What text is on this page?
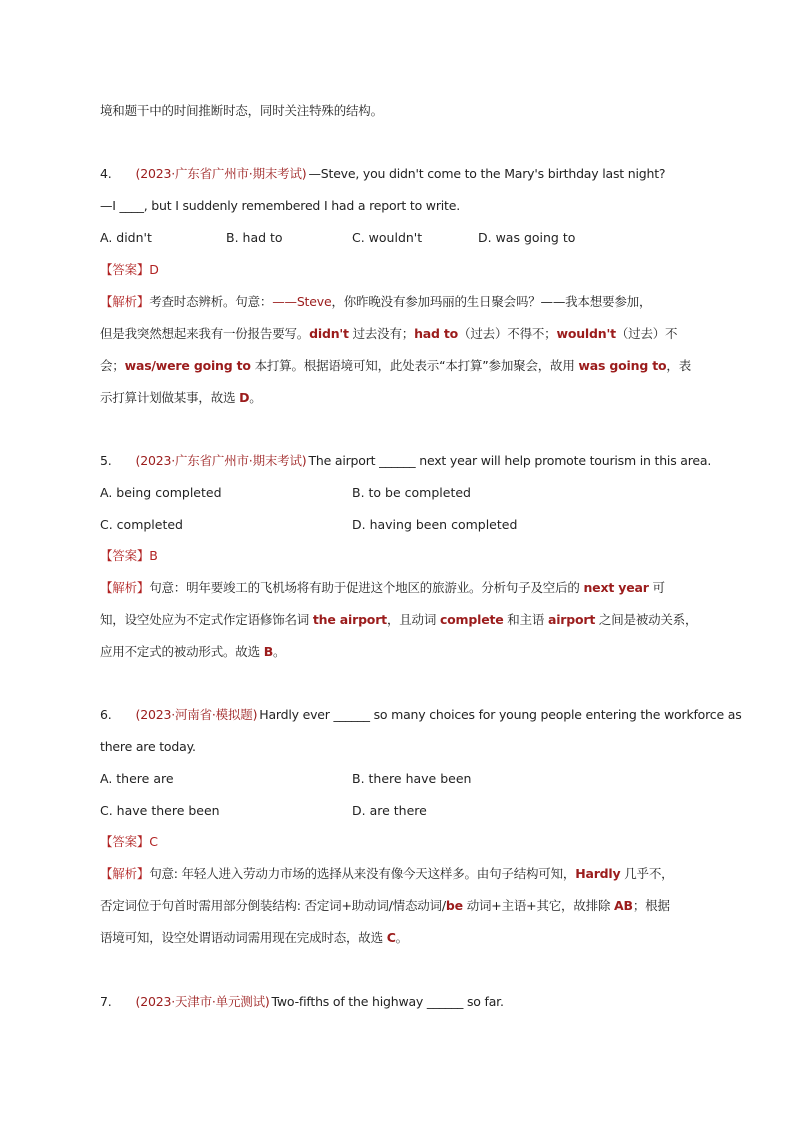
境和题干中的时间推断时态，同时关注特殊的结构。
4. (2023·广东省广州市·期末考试) —Steve, you didn't come to the Mary's birthday last night?
—I ____, but I suddenly remembered I had a report to write.
A. didn't	B. had to	C. wouldn't	D. was going to
【答案】D
【解析】考查时态辨析。句意：——Steve，你昨晚没有参加玛丽的生日聚会吗？——我本想要参加，
但是我突然想起来我有一份报告要写。didn't 过去没有；had to（过去）不得不；wouldn't（过去）不
会；was/were going to 本打算。根据语境可知，此处表示“本打算”参加聚会，故用 was going to，表
示打算计划做某事，故选 D。
5. (2023·广东省广州市·期末考试) The airport ______ next year will help promote tourism in this area.
A. being completed	B. to be completed
C. completed	D. having been completed
【答案】B
【解析】句意：明年要竣工的飞机场将有助于促进这个地区的旅游业。分析句子及空后的 next year 可
知，设空处应为不定式作定语修饰名词 the airport，且动词 complete 和主语 airport 之间是被动关系，
应用不定式的被动形式。故选 B。
6. (2023·河南省·模拟题) Hardly ever ______ so many choices for young people entering the workforce as
there are today.
A. there are	B. there have been
C. have there been	D. are there
【答案】C
【解析】句意: 年轻人进入劳动力市场的选择从来没有像今天这样多。由句子结构可知，Hardly 几乎不，
否定词位于句首时需用部分倒装结构: 否定词+助动词/情态动词/be 动词+主语+其它，故排除 AB；根据
语境可知，设空处谓语动词需用现在完成时态，故选 C。
7. (2023·天津市·单元测试) Two-fifths of the highway ______ so far.
